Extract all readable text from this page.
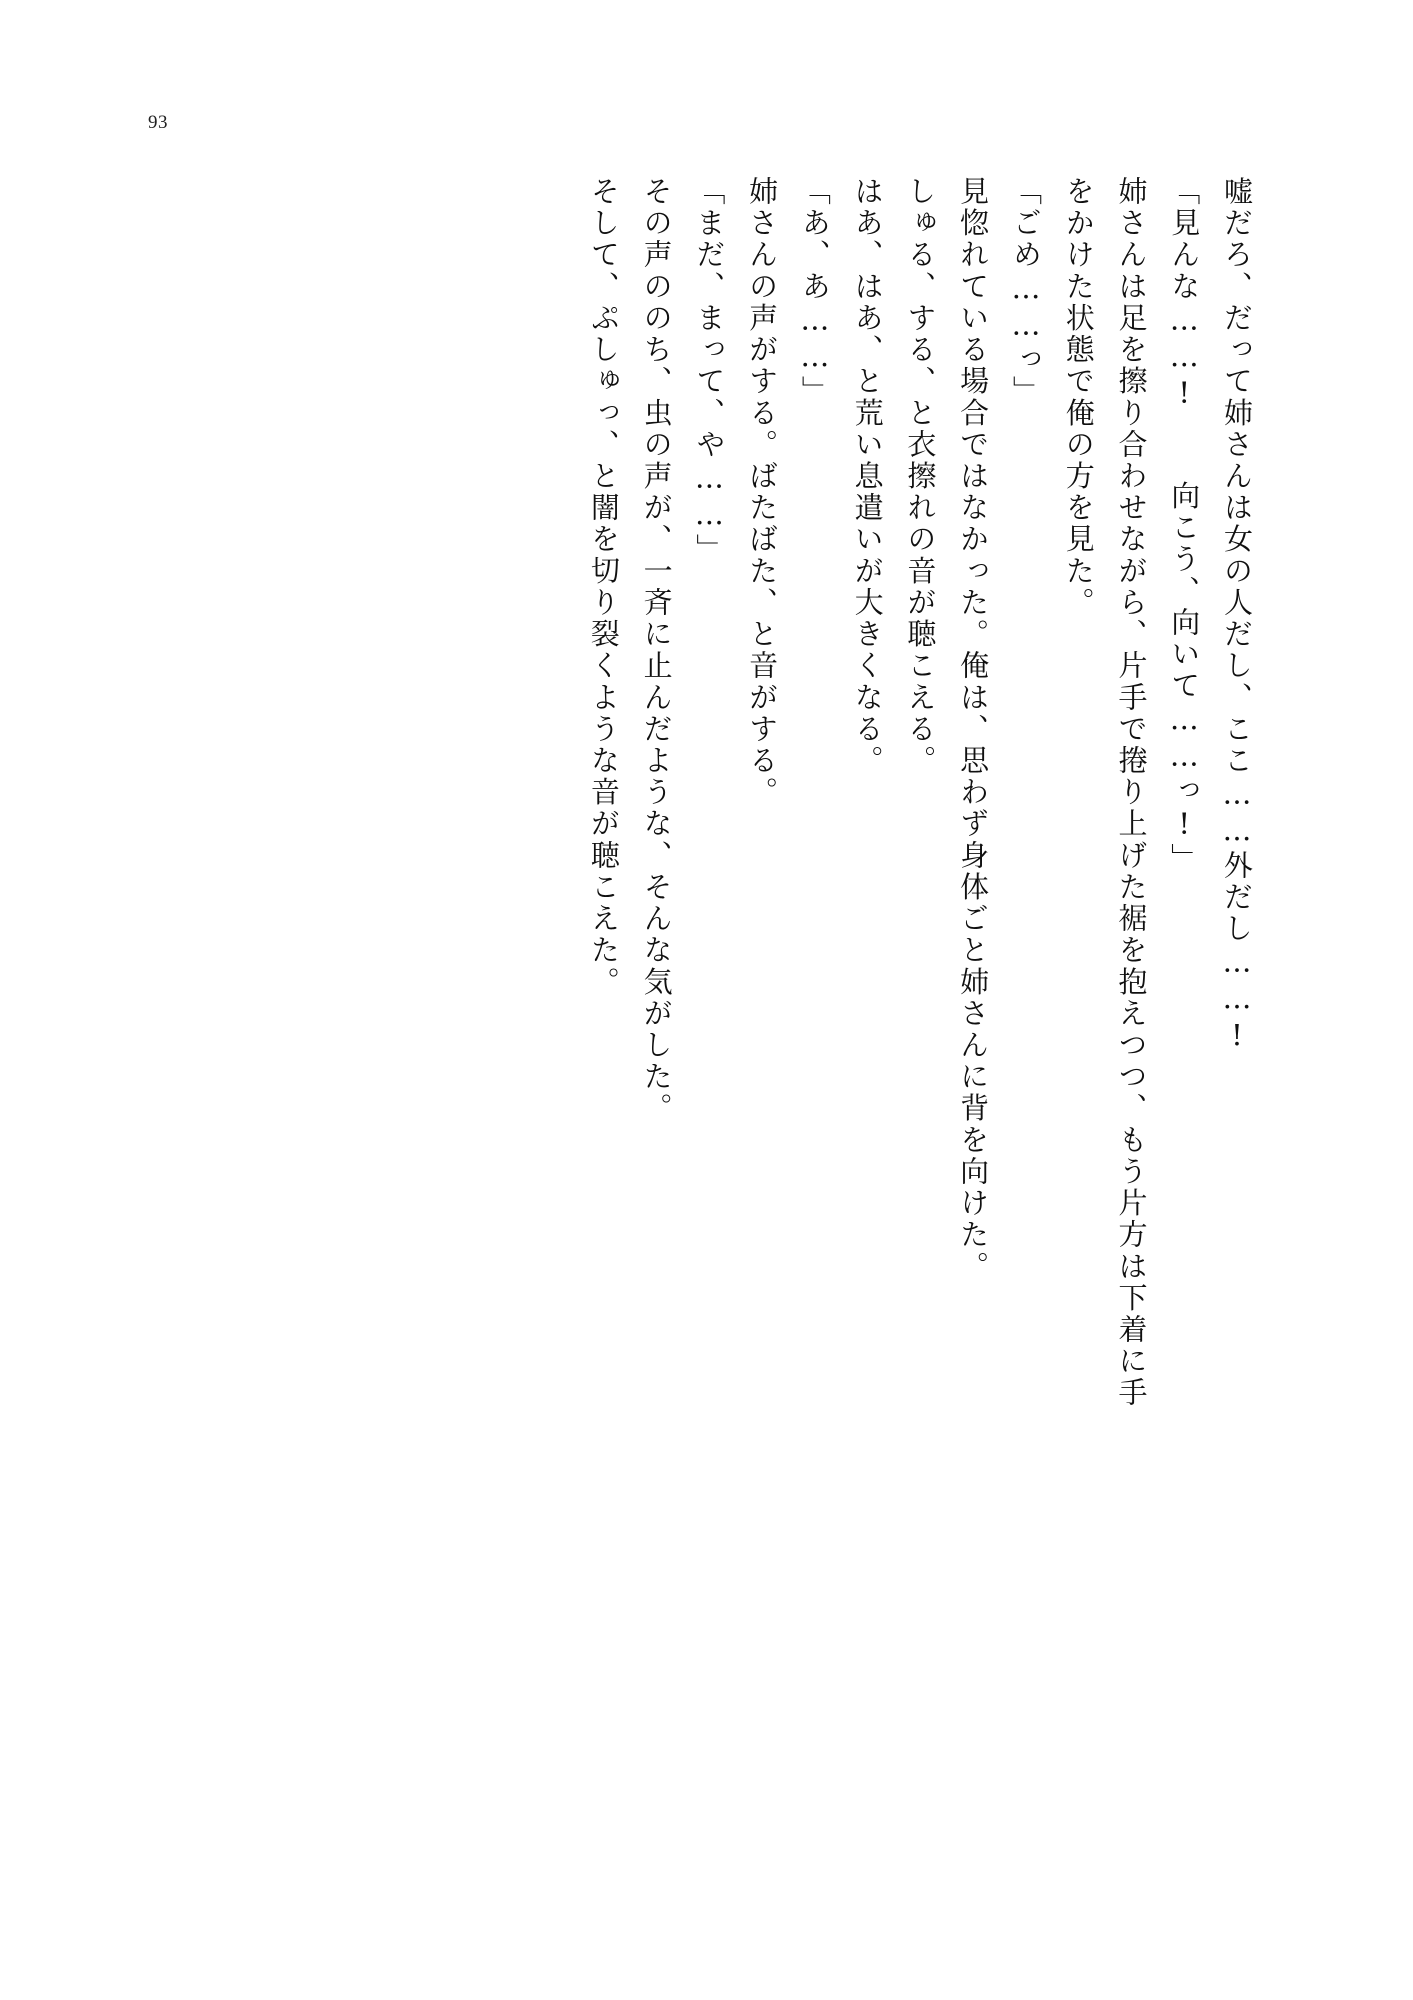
93

嘘だろ、だって姉さんは女の人だし、ここ……外だし……!

「見んな……! 　向こう、向いて……っ!」

姉さんは足を擦り合わせながら、片手で捲り上げた裾を抱えつつ、もう片方は下着に手

をかけた状態で俺の方を見た。

「ごめ……っ」

見惚れている場合ではなかった。俺は、思わず身体ごと姉さんに背を向けた。

しゅる、する、と衣擦れの音が聴こえる。

はあ、はあ、と荒い息遣いが大きくなる。

「あ、あ……」

姉さんの声がする。ばたばた、と音がする。

「まだ、まって、や……」

その声ののち、虫の声が、一斉に止んだような、そんな気がした。

そして、ぷしゅっ、と闇を切り裂くような音が聴こえた。
